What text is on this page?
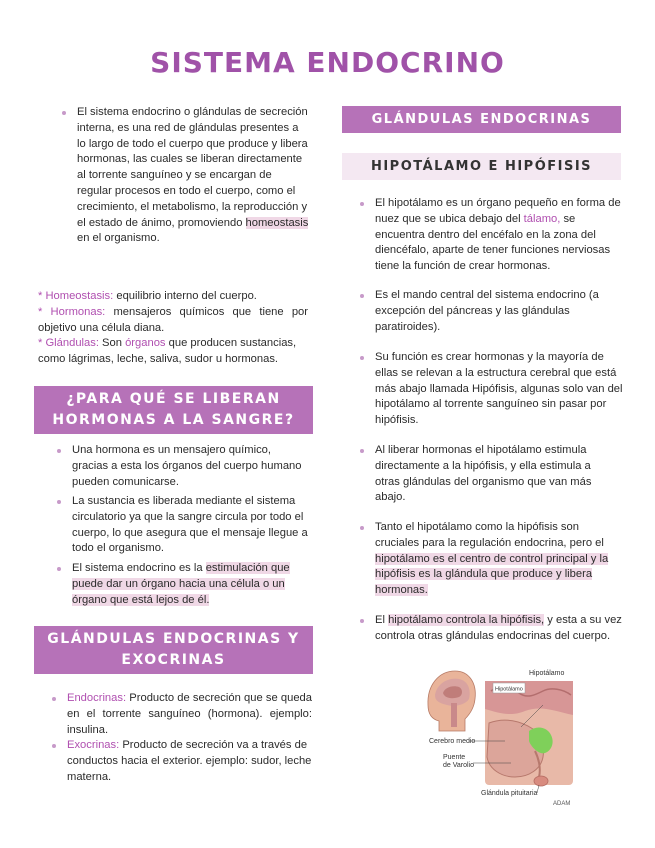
SISTEMA ENDOCRINO
El sistema endocrino o glándulas de secreción interna, es una red de glándulas presentes a lo largo de todo el cuerpo que produce y libera hormonas, las cuales se liberan directamente al torrente sanguíneo y se encargan de regular procesos en todo el cuerpo, como el crecimiento, el metabolismo, la reproducción y el estado de ánimo, promoviendo homeostasis en el organismo.
* Homeostasis: equilibrio interno del cuerpo.
* Hormonas: mensajeros químicos que tiene por objetivo una célula diana.
* Glándulas: Son órganos que producen sustancias, como lágrimas, leche, saliva, sudor u hormonas.
¿PARA QUÉ SE LIBERAN
HORMONAS A LA SANGRE?
Una hormona es un mensajero químico, gracias a esta los órganos del cuerpo humano pueden comunicarse.
La sustancia es liberada mediante el sistema circulatorio ya que la sangre circula por todo el cuerpo, lo que asegura que el mensaje llegue a todo el organismo.
El sistema endocrino es la estimulación que puede dar un órgano hacia una célula o un órgano que está lejos de él.
GLÁNDULAS ENDOCRINAS Y
EXOCRINAS
Endocrinas: Producto de secreción que se queda en el torrente sanguíneo (hormona). ejemplo: insulina.
Exocrinas: Producto de secreción va a través de conductos hacia el exterior. ejemplo: sudor, leche materna.
GLÁNDULAS ENDOCRINAS
HIPOTÁLAMO E HIPÓFISIS
El hipotálamo es un órgano pequeño en forma de nuez que se ubica debajo del tálamo, se encuentra dentro del encéfalo en la zona del diencéfalo, aparte de tener funciones nerviosas tiene la función de crear hormonas.
Es el mando central del sistema endocrino (a excepción del páncreas y las glándulas paratiroides).
Su función es crear hormonas y la mayoría de ellas se relevan a la estructura cerebral que está más abajo llamada Hipófisis, algunas solo van del hipotálamo al torrente sanguíneo sin pasar por hipófisis.
Al liberar hormonas el hipotálamo estimula directamente a la hipófisis, y ella estimula a otras glándulas del organismo que van más abajo.
Tanto el hipotálamo como la hipófisis son cruciales para la regulación endocrina, pero el hipotálamo es el centro de control principal y la hipófisis es la glándula que produce y libera hormonas.
El hipotálamo controla la hipófisis, y esta a su vez controla otras glándulas endocrinas del cuerpo.
Hipotálamo
Hipotálamo
Cerebro medio
Puente
de Varolio
Glándula pituitaria
ADAM
